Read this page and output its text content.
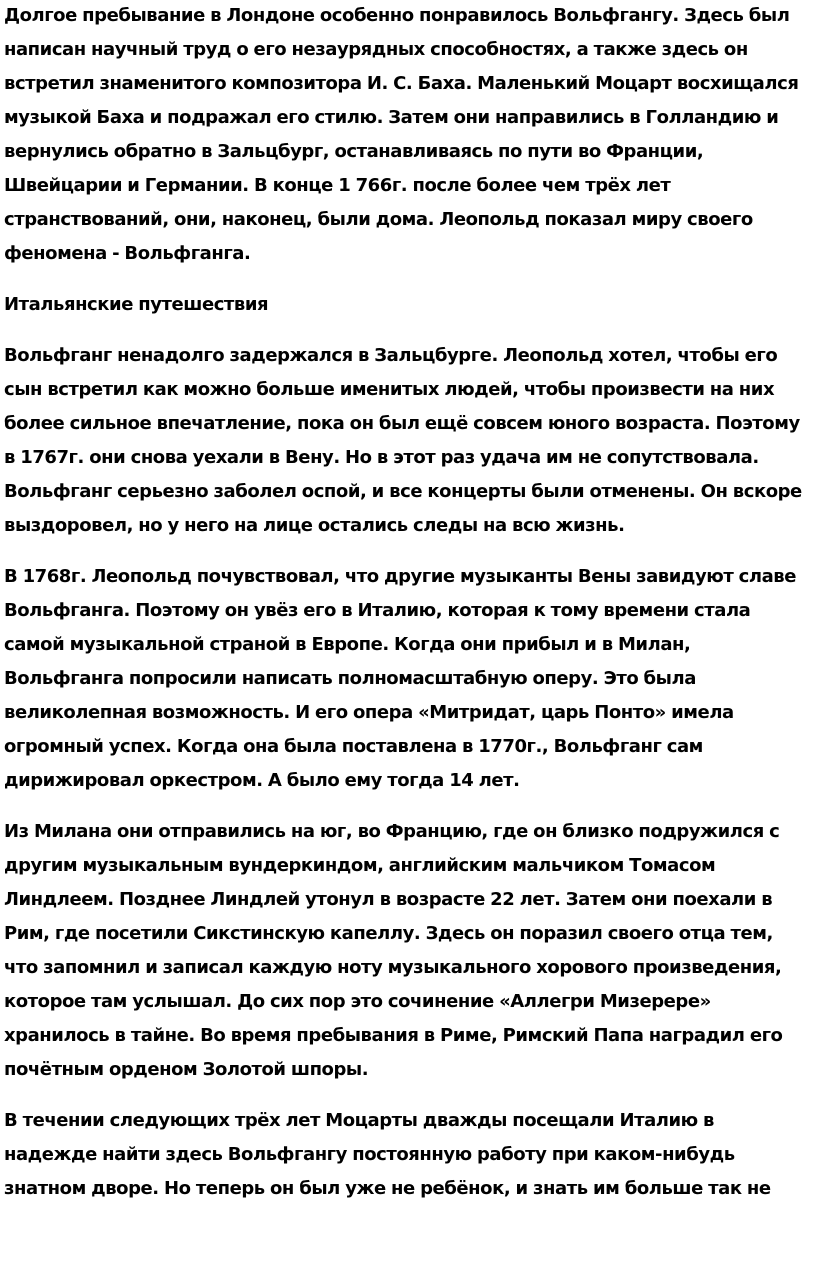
Долгое пребывание в Лондоне особенно понравилось Вольфгангу. Здесь был написан научный труд о его незаурядных способностях, а также здесь он встретил знаменитого композитора И. С. Баха. Маленький Моцарт восхищался музыкой Баха и подражал его стилю. Затем они направились в Голландию и вернулись обратно в Зальцбург, останавливаясь по пути во Франции, Швейцарии и Германии. В конце 1 766г. после более чем трёх лет странствований, они, наконец, были дома. Леопольд показал миру своего феномена - Вольфганга.

Итальянские путешествия

Вольфганг ненадолго задержался в Зальцбурге. Леопольд хотел, чтобы его сын встретил как можно больше именитых людей, чтобы произвести на них более сильное впечатление, пока он был ещё совсем юного возраста. Поэтому в 1767г. они снова уехали в Вену. Но в этот раз удача им не сопутствовала. Вольфганг серьезно заболел оспой, и все концерты были отменены. Он вскоре выздоровел, но у него на лице остались следы на всю жизнь.

В 1768г. Леопольд почувствовал, что другие музыканты Вены завидуют славе Вольфганга. Поэтому он увёз его в Италию, которая к тому времени стала самой музыкальной страной в Европе. Когда они прибыл и в Милан, Вольфганга попросили написать полномасштабную оперу. Это была великолепная возможность. И его опера «Митридат, царь Понто» имела огромный успех. Когда она была поставлена в 1770г., Вольфганг сам дирижировал оркестром. А было ему тогда 14 лет.

Из Милана они отправились на юг, во Францию, где он близко подружился с другим музыкальным вундеркиндом, английским мальчиком Томасом Линдлеем. Позднее Линдлей утонул в возрасте 22 лет. Затем они поехали в Рим, где посетили Сикстинскую капеллу. Здесь он поразил своего отца тем, что запомнил и записал каждую ноту музыкального хорового произведения, которое там услышал. До сих пор это сочинение «Аллегри Мизерере» хранилось в тайне. Во время пребывания в Риме, Римский Папа наградил его почётным орденом Золотой шпоры.

В течении следующих трёх лет Моцарты дважды посещали Италию в надежде найти здесь Вольфгангу постоянную работу при каком-нибудь знатном дворе. Но теперь он был уже не ребёнок, и знать им больше так не
